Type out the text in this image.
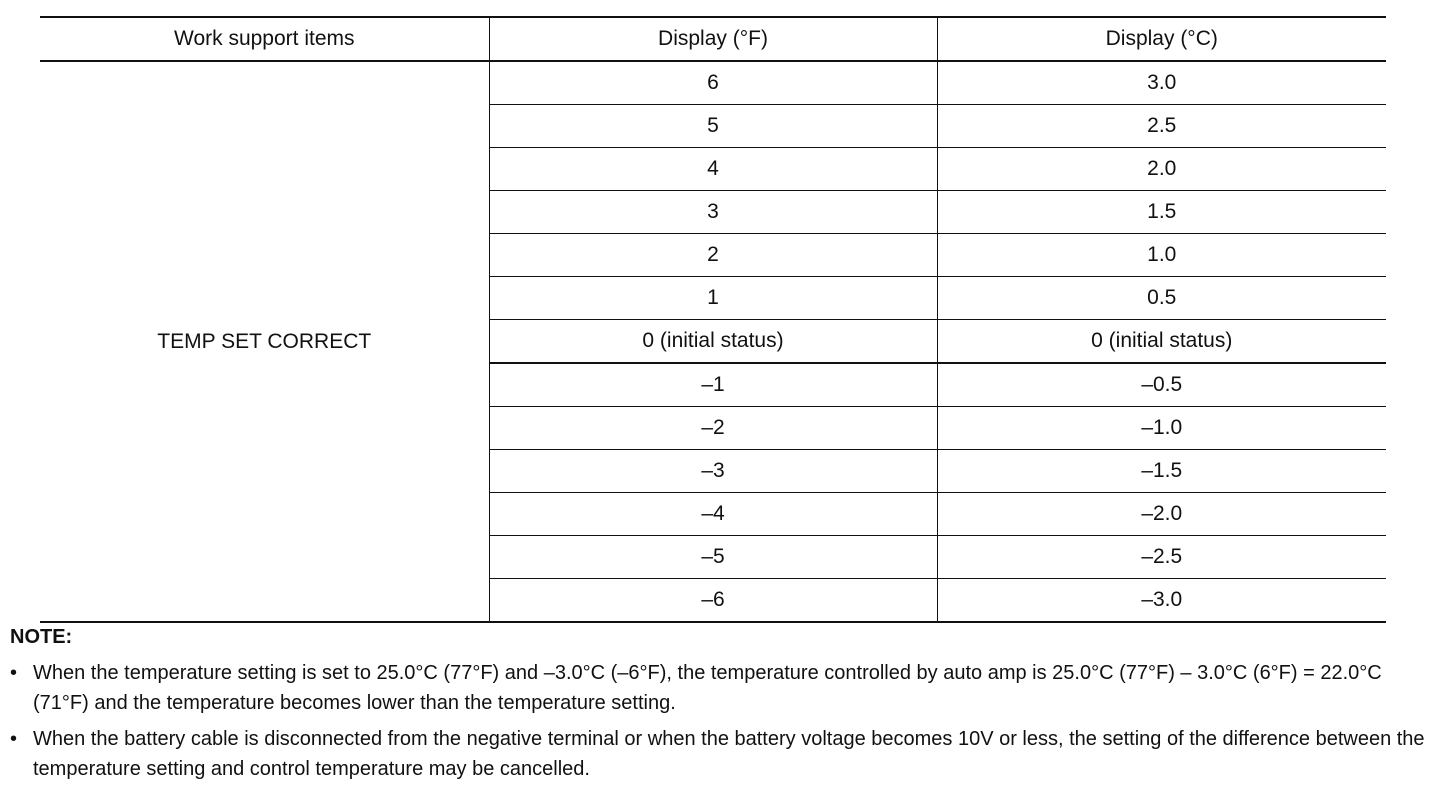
Work support items	Display (°F)	Display (°C)
TEMP SET CORRECT	6	3.0
	5	2.5
	4	2.0
	3	1.5
	2	1.0
	1	0.5
	0 (initial status)	0 (initial status)
	–1	–0.5
	–2	–1.0
	–3	–1.5
	–4	–2.0
	–5	–2.5
	–6	–3.0
NOTE:
• When the temperature setting is set to 25.0°C (77°F) and –3.0°C (–6°F), the temperature controlled by auto amp is 25.0°C (77°F) – 3.0°C (6°F) = 22.0°C (71°F) and the temperature becomes lower than the temperature setting.
• When the battery cable is disconnected from the negative terminal or when the battery voltage becomes 10V or less, the setting of the difference between the temperature setting and control temperature may be cancelled.
